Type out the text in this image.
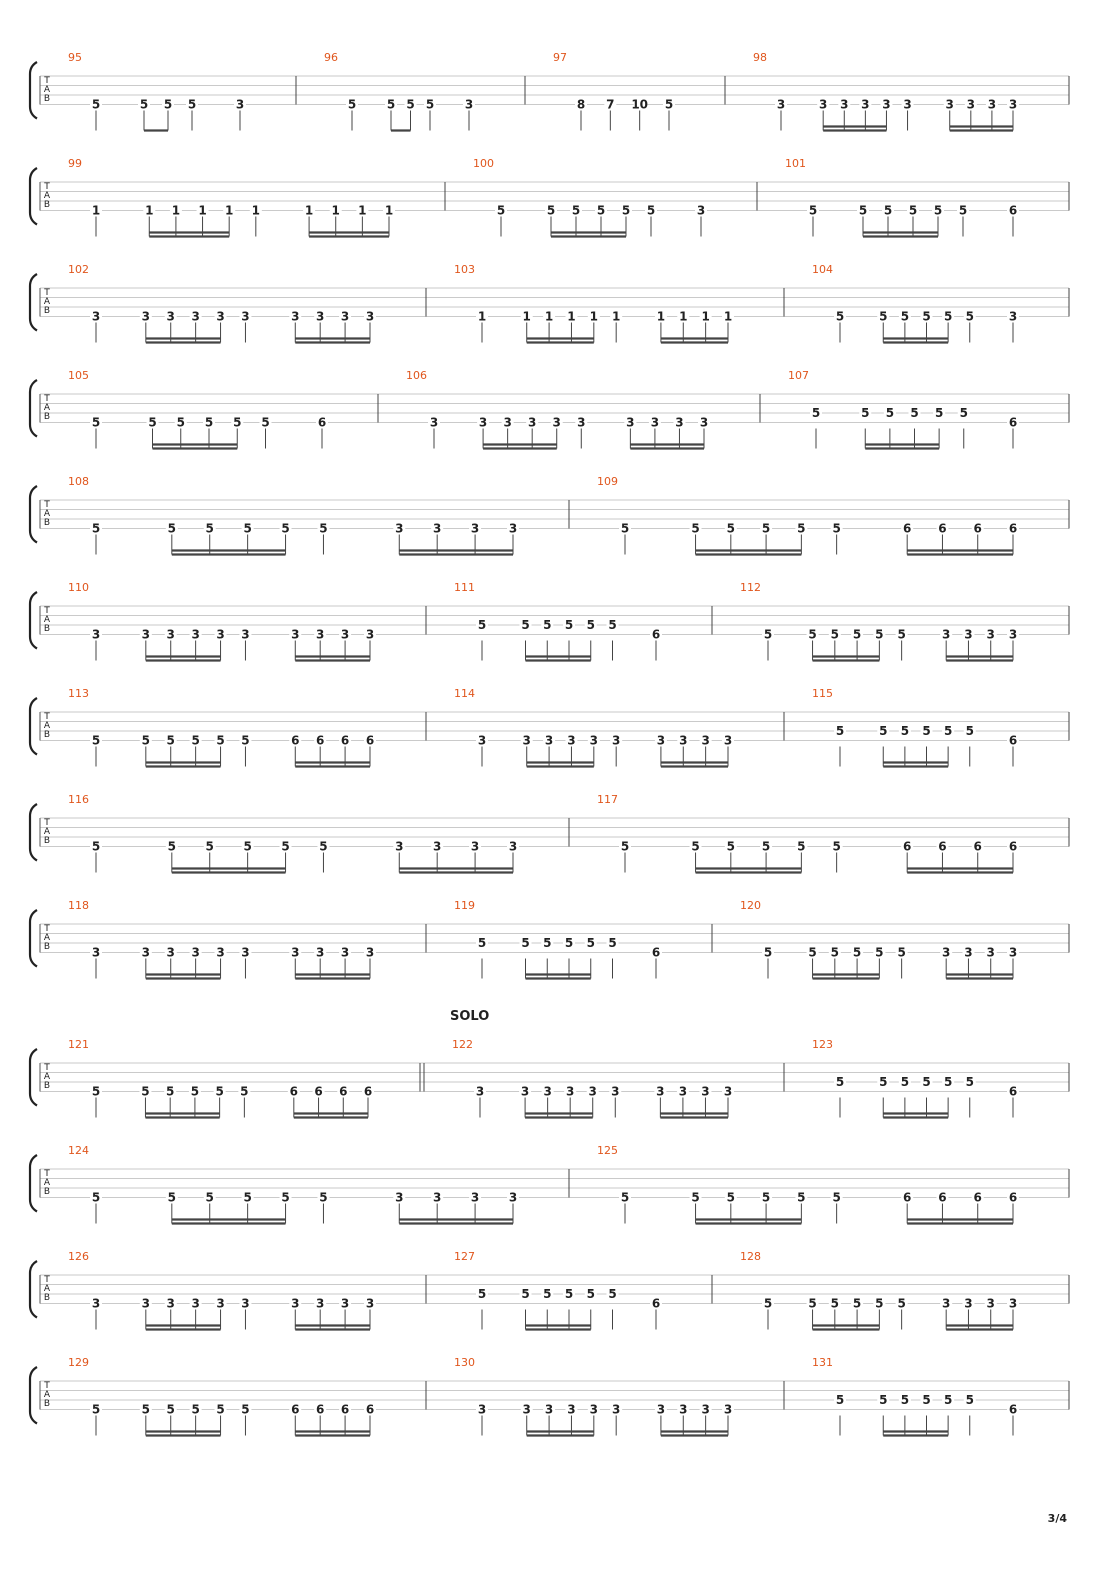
SOLO
3/4
T
A
B
95
5	5 5 5	3
96
5	5 5 5	3
97
8 7 10 5
98
3	3 3 3 3 3	3 3 3 3
T
A
B
99
1	1 1 1 1 1	1 1 1 1
100
5	5 5 5 5 5	3
101
5	5 5 5 5 5	6
T
A
B
102
3	3 3 3 3 3	3 3 3 3
103
1	1 1 1 1 1	1 1 1 1
104
5	5 5 5 5 5	3
T
A
B
105
5	5 5 5 5 5	6
106
3	3 3 3 3 3	3 3 3 3
107
5	5 5 5 5 5
6
T
A
B
108
5	5 5 5 5 5	3 3 3 3
109
5	5 5 5 5 5	6 6 6 6
T
A
B
110
3	3 3 3 3 3	3 3 3 3
111
5	5 5 5 5 5
6
112
5	5 5 5 5 5	3 3 3 3
T
A
B
113
5	5 5 5 5 5	6 6 6 6
114
3	3 3 3 3 3	3 3 3 3
115
5	5 5 5 5 5
6
T
A
B
116
5	5 5 5 5 5	3 3 3 3
117
5	5 5 5 5 5	6 6 6 6
T
A
B
118
3	3 3 3 3 3	3 3 3 3
119
5	5 5 5 5 5
6
120
5	5 5 5 5 5	3 3 3 3
T
A
B
121
5	5 5 5 5 5	6 6 6 6
122
3	3 3 3 3 3	3 3 3 3
123
5	5 5 5 5 5
6
T
A
B
124
5	5 5 5 5 5	3 3 3 3
125
5	5 5 5 5 5	6 6 6 6
T
A
B
126
3	3 3 3 3 3	3 3 3 3
127
5	5 5 5 5 5
6
128
5	5 5 5 5 5	3 3 3 3
T
A
B
129
5	5 5 5 5 5	6 6 6 6
130
3	3 3 3 3 3	3 3 3 3
131
5	5 5 5 5 5
6
